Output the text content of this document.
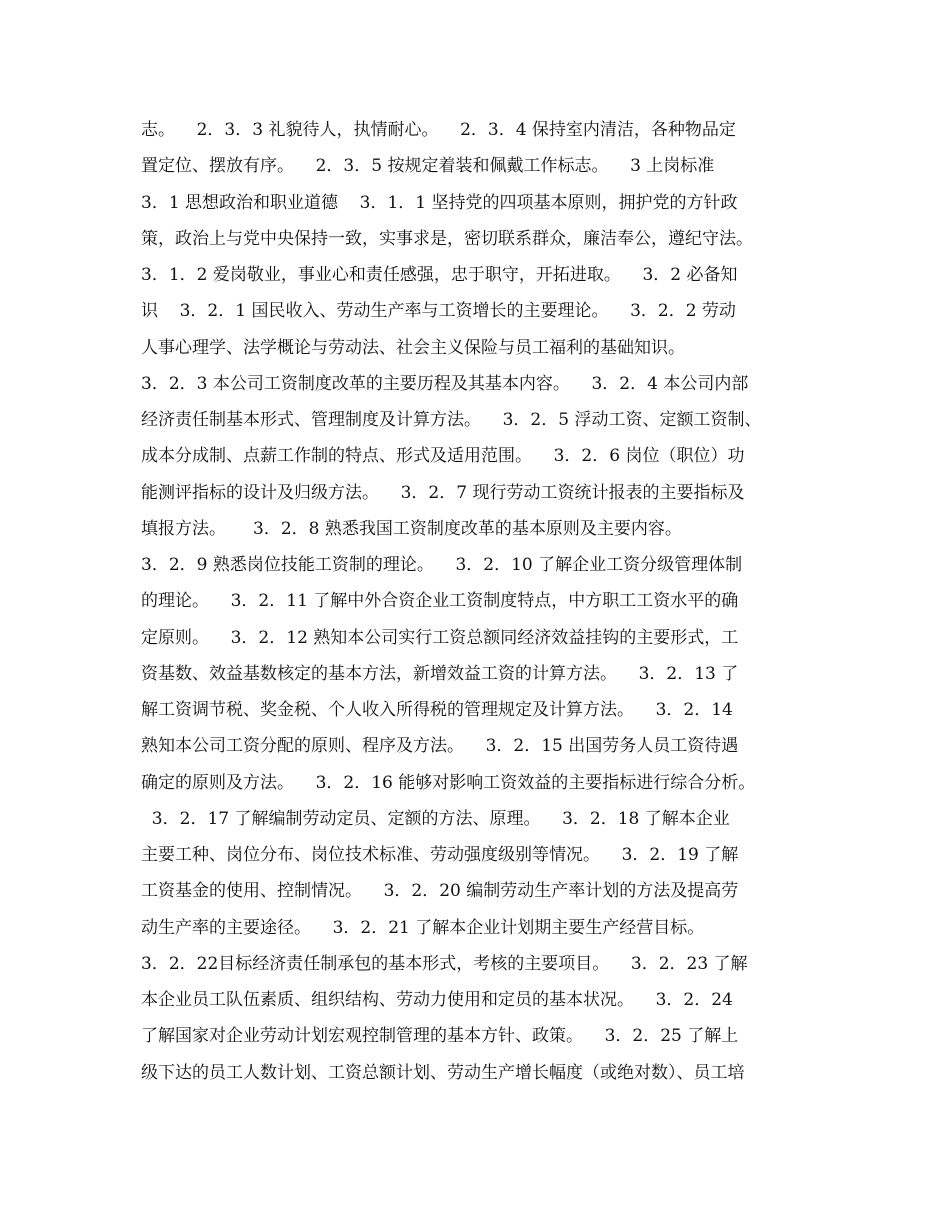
志。    2．3．3 礼貌待人，执情耐心。    2．3．4 保持室内清洁，各种物品定
置定位、摆放有序。    2．3．5 按规定着装和佩戴工作标志。    3 上岗标准
3．1 思想政治和职业道德    3．1．1 坚持党的四项基本原则，拥护党的方针政
策，政治上与党中央保持一致，实事求是，密切联系群众，廉洁奉公，遵纪守法。
3．1．2 爱岗敬业，事业心和责任感强，忠于职守，开拓进取。    3．2 必备知
识    3．2．1 国民收入、劳动生产率与工资增长的主要理论。    3．2．2 劳动
人事心理学、法学概论与劳动法、社会主义保险与员工福利的基础知识。
3．2．3 本公司工资制度改革的主要历程及其基本内容。    3．2．4 本公司内部
经济责任制基本形式、管理制度及计算方法。    3．2．5 浮动工资、定额工资制、
成本分成制、点薪工作制的特点、形式及适用范围。    3．2．6 岗位（职位）功
能测评指标的设计及归级方法。    3．2．7 现行劳动工资统计报表的主要指标及
填报方法。     3．2．8 熟悉我国工资制度改革的基本原则及主要内容。
3．2．9 熟悉岗位技能工资制的理论。    3．2．10 了解企业工资分级管理体制
的理论。    3．2．11 了解中外合资企业工资制度特点，中方职工工资水平的确
定原则。    3．2．12 熟知本公司实行工资总额同经济效益挂钩的主要形式，工
资基数、效益基数核定的基本方法，新增效益工资的计算方法。    3．2．13 了
解工资调节税、奖金税、个人收入所得税的管理规定及计算方法。    3．2．14
熟知本公司工资分配的原则、程序及方法。    3．2．15 出国劳务人员工资待遇
确定的原则及方法。    3．2．16 能够对影响工资效益的主要指标进行综合分析。
3．2．17 了解编制劳动定员、定额的方法、原理。    3．2．18 了解本企业
主要工种、岗位分布、岗位技术标准、劳动强度级别等情况。    3．2．19 了解
工资基金的使用、控制情况。    3．2．20 编制劳动生产率计划的方法及提高劳
动生产率的主要途径。    3．2．21 了解本企业计划期主要生产经营目标。
3．2．22目标经济责任制承包的基本形式，考核的主要项目。    3．2．23 了解
本企业员工队伍素质、组织结构、劳动力使用和定员的基本状况。    3．2．24
了解国家对企业劳动计划宏观控制管理的基本方针、政策。    3．2．25 了解上
级下达的员工人数计划、工资总额计划、劳动生产增长幅度（或绝对数）、员工培
